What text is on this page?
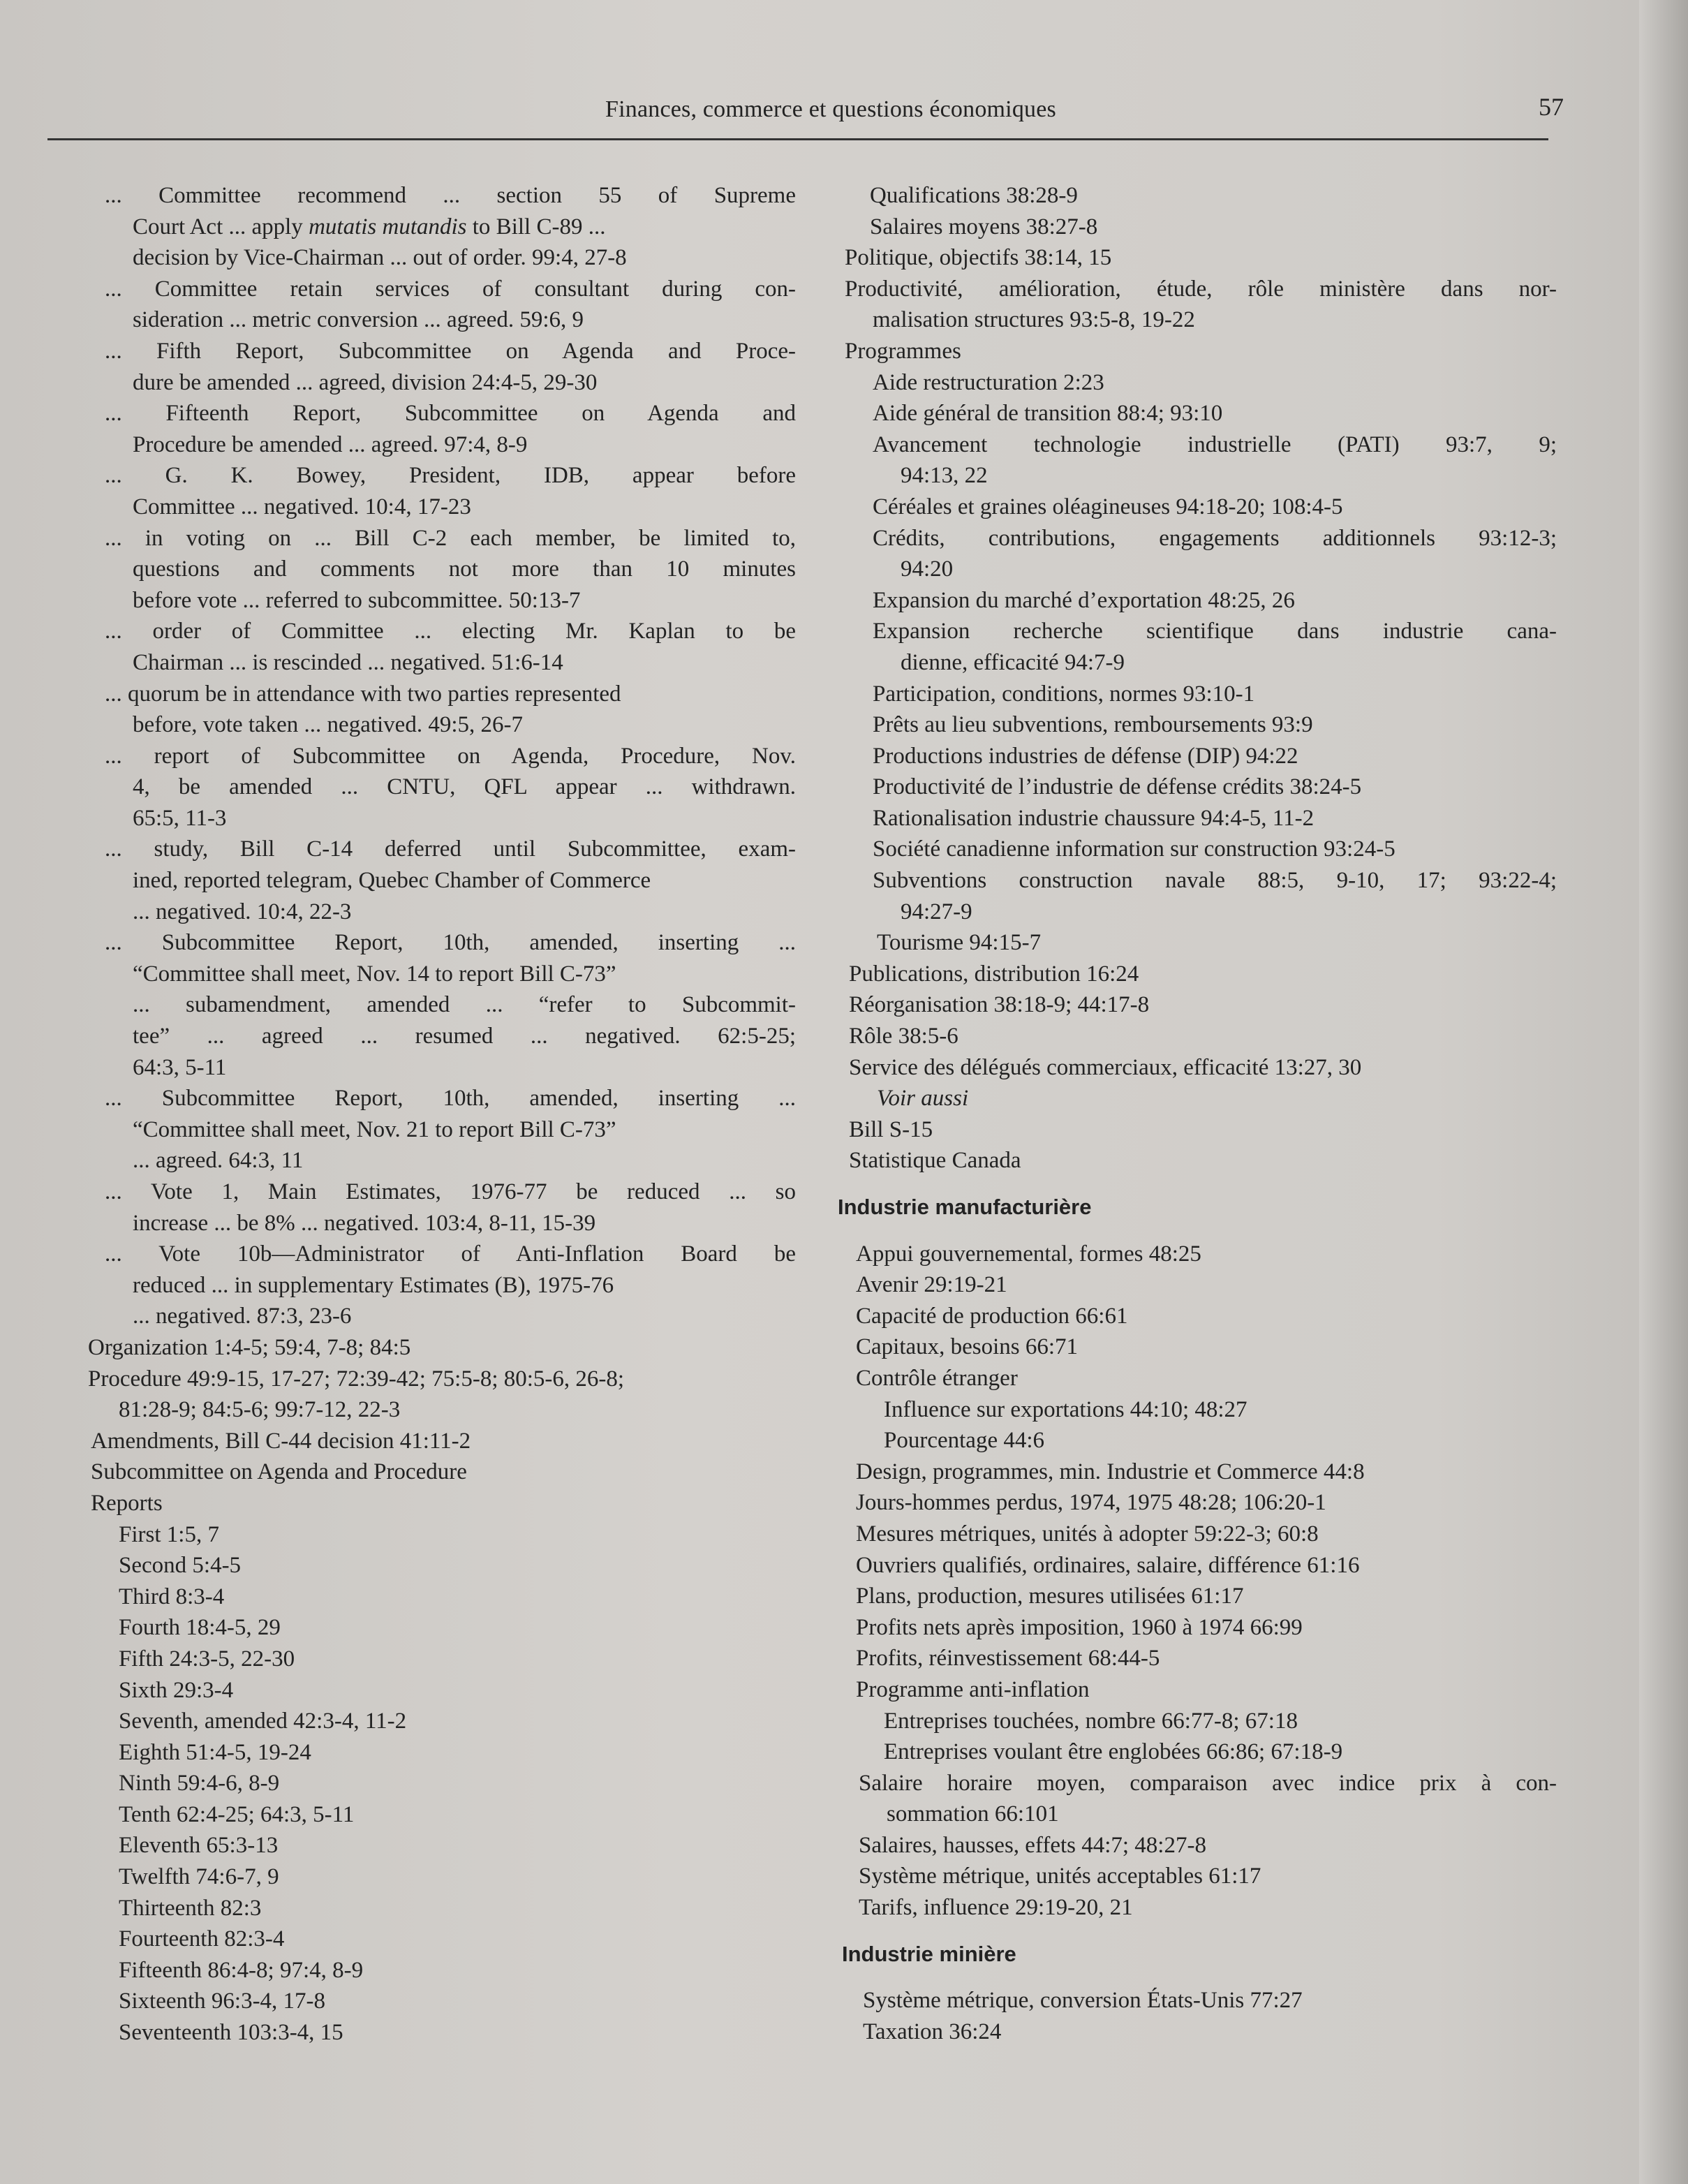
Finances, commerce et questions économiques	57
... Committee recommend ... section 55 of Supreme
Court Act ... apply mutatis mutandis to Bill C-89 ...
decision by Vice-Chairman ... out of order. 99:4, 27-8
... Committee retain services of consultant during con-
sideration ... metric conversion ... agreed. 59:6, 9
... Fifth Report, Subcommittee on Agenda and Proce-
dure be amended ... agreed, division 24:4-5, 29-30
... Fifteenth Report, Subcommittee on Agenda and
Procedure be amended ... agreed. 97:4, 8-9
... G. K. Bowey, President, IDB, appear before
Committee ... negatived. 10:4, 17-23
... in voting on ... Bill C-2 each member, be limited to,
questions and comments not more than 10 minutes
before vote ... referred to subcommittee. 50:13-7
... order of Committee ... electing Mr. Kaplan to be
Chairman ... is rescinded ... negatived. 51:6-14
... quorum be in attendance with two parties represented
before, vote taken ... negatived. 49:5, 26-7
... report of Subcommittee on Agenda, Procedure, Nov.
4, be amended ... CNTU, QFL appear ... withdrawn.
65:5, 11-3
... study, Bill C-14 deferred until Subcommittee, exam-
ined, reported telegram, Quebec Chamber of Commerce
... negatived. 10:4, 22-3
... Subcommittee Report, 10th, amended, inserting ...
“Committee shall meet, Nov. 14 to report Bill C-73”
... subamendment, amended ... “refer to Subcommit-
tee” ... agreed ... resumed ... negatived. 62:5-25;
64:3, 5-11
... Subcommittee Report, 10th, amended, inserting ...
“Committee shall meet, Nov. 21 to report Bill C-73”
... agreed. 64:3, 11
... Vote 1, Main Estimates, 1976-77 be reduced ... so
increase ... be 8% ... negatived. 103:4, 8-11, 15-39
... Vote 10b—Administrator of Anti-Inflation Board be
reduced ... in supplementary Estimates (B), 1975-76
... negatived. 87:3, 23-6
Organization 1:4-5; 59:4, 7-8; 84:5
Procedure 49:9-15, 17-27; 72:39-42; 75:5-8; 80:5-6, 26-8;
81:28-9; 84:5-6; 99:7-12, 22-3
Amendments, Bill C-44 decision 41:11-2
Subcommittee on Agenda and Procedure
Reports
First 1:5, 7
Second 5:4-5
Third 8:3-4
Fourth 18:4-5, 29
Fifth 24:3-5, 22-30
Sixth 29:3-4
Seventh, amended 42:3-4, 11-2
Eighth 51:4-5, 19-24
Ninth 59:4-6, 8-9
Tenth 62:4-25; 64:3, 5-11
Eleventh 65:3-13
Twelfth 74:6-7, 9
Thirteenth 82:3
Fourteenth 82:3-4
Fifteenth 86:4-8; 97:4, 8-9
Sixteenth 96:3-4, 17-8
Seventeenth 103:3-4, 15
Qualifications 38:28-9
Salaires moyens 38:27-8
Politique, objectifs 38:14, 15
Productivité, amélioration, étude, rôle ministère dans nor-
malisation structures 93:5-8, 19-22
Programmes
Aide restructuration 2:23
Aide général de transition 88:4; 93:10
Avancement technologie industrielle (PATI) 93:7, 9;
94:13, 22
Céréales et graines oléagineuses 94:18-20; 108:4-5
Crédits, contributions, engagements additionnels 93:12-3;
94:20
Expansion du marché d’exportation 48:25, 26
Expansion recherche scientifique dans industrie cana-
dienne, efficacité 94:7-9
Participation, conditions, normes 93:10-1
Prêts au lieu subventions, remboursements 93:9
Productions industries de défense (DIP) 94:22
Productivité de l’industrie de défense crédits 38:24-5
Rationalisation industrie chaussure 94:4-5, 11-2
Société canadienne information sur construction 93:24-5
Subventions construction navale 88:5, 9-10, 17; 93:22-4;
94:27-9
Tourisme 94:15-7
Publications, distribution 16:24
Réorganisation 38:18-9; 44:17-8
Rôle 38:5-6
Service des délégués commerciaux, efficacité 13:27, 30
Voir aussi
Bill S-15
Statistique Canada
Industrie manufacturière
Appui gouvernemental, formes 48:25
Avenir 29:19-21
Capacité de production 66:61
Capitaux, besoins 66:71
Contrôle étranger
Influence sur exportations 44:10; 48:27
Pourcentage 44:6
Design, programmes, min. Industrie et Commerce 44:8
Jours-hommes perdus, 1974, 1975 48:28; 106:20-1
Mesures métriques, unités à adopter 59:22-3; 60:8
Ouvriers qualifiés, ordinaires, salaire, différence 61:16
Plans, production, mesures utilisées 61:17
Profits nets après imposition, 1960 à 1974 66:99
Profits, réinvestissement 68:44-5
Programme anti-inflation
Entreprises touchées, nombre 66:77-8; 67:18
Entreprises voulant être englobées 66:86; 67:18-9
Salaire horaire moyen, comparaison avec indice prix à con-
sommation 66:101
Salaires, hausses, effets 44:7; 48:27-8
Système métrique, unités acceptables 61:17
Tarifs, influence 29:19-20, 21
Industrie minière
Système métrique, conversion États-Unis 77:27
Taxation 36:24
